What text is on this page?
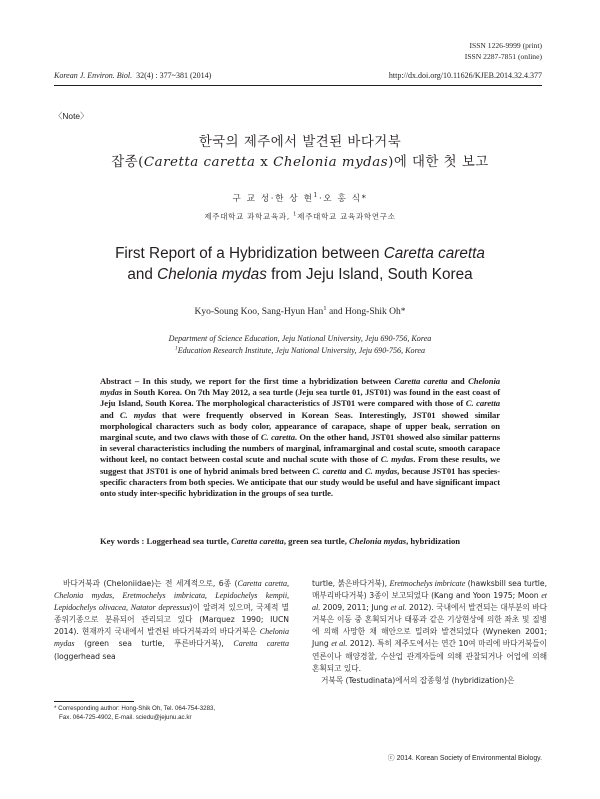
ISSN 1226-9999 (print)
ISSN 2287-7851 (online)
Korean J. Environ. Biol. 32(4) : 377~381 (2014)	http://dx.doi.org/10.11626/KJEB.2014.32.4.377
〈Note〉
한국의 제주에서 발견된 바다거북
잡종(Caretta caretta x Chelonia mydas)에 대한 첫 보고
구 교 성·한 상 현$^1$·오 홍 식*
제주대학교 과학교육과, $^1$제주대학교 교육과학연구소
First Report of a Hybridization between Caretta caretta
and Chelonia mydas from Jeju Island, South Korea
Kyo-Soung Koo, Sang-Hyun Han$^1$ and Hong-Shik Oh*
Department of Science Education, Jeju National University, Jeju 690-756, Korea
$^1$Education Research Institute, Jeju National University, Jeju 690-756, Korea

Abstract – In this study, we report for the first time a hybridization between Caretta caretta and Chelonia mydas in South Korea. On 7th May 2012, a sea turtle (Jeju sea turtle 01, JST01) was found in the east coast of Jeju Island, South Korea. The morphological characteristics of JST01 were compared with those of C. caretta and C. mydas that were frequently observed in Korean Seas. Interestingly, JST01 showed similar morphological characters such as body color, appearance of carapace, shape of upper beak, serration on marginal scute, and two claws with those of C. caretta. On the other hand, JST01 showed also similar patterns in several characteristics including the numbers of marginal, inframarginal and costal scute, smooth carapace without keel, no contact between costal scute and nuchal scute with those of C. mydas. From these results, we suggest that JST01 is one of hybrid animals bred between C. caretta and C. mydas, because JST01 has species-specific characters from both species. We anticipate that our study would be useful and have significant impact onto study inter-specific hybridization in the groups of sea turtle.

Key words : Loggerhead sea turtle, Caretta caretta, green sea turtle, Chelonia mydas, hybridization

바다거북과 (Cheloniidae)는 전 세계적으로, 6종 (Caretta caretta, Chelonia mydas, Eretmochelys imbricata, Lepidochelys kempii, Lepidochelys olivacea, Natator depressus)이 알려져 있으며, 국제적 멸종위기종으로 분류되어 관리되고 있다 (Marquez 1990; IUCN 2014). 현재까지 국내에서 발견된 바다거북과의 바다거북은 Chelonia mydas (green sea turtle, 푸른바다거북), Caretta caretta (loggerhead sea

turtle, 붉은바다거북), Eretmochelys imbricate (hawksbill sea turtle, 매부리바다거북) 3종이 보고되었다 (Kang and Yoon 1975; Moon et al. 2009, 2011; Jung et al. 2012). 국내에서 발견되는 대부분의 바다거북은 이동 중 혼획되거나 태풍과 같은 기상현상에 의한 좌초 및 질병에 의해 사망한 채 해안으로 밀려와 발견되었다 (Wyneken 2001; Jung et al. 2012). 특히 제주도에서는 연간 10여 마리에 바다거북들이 연론이나 해양경찰, 수산업 관계자들에 의해 관찰되거나 어업에 의해 혼획되고 있다.

거북목 (Testudinata)에서의 잡종형성 (hybridization)은

* Corresponding author: Hong-Shik Oh, Tel. 064-754-3283,
Fax. 064-725-4902, E-mail. sciedu@jejunu.ac.kr
ⓒ 2014. Korean Society of Environmental Biology.
